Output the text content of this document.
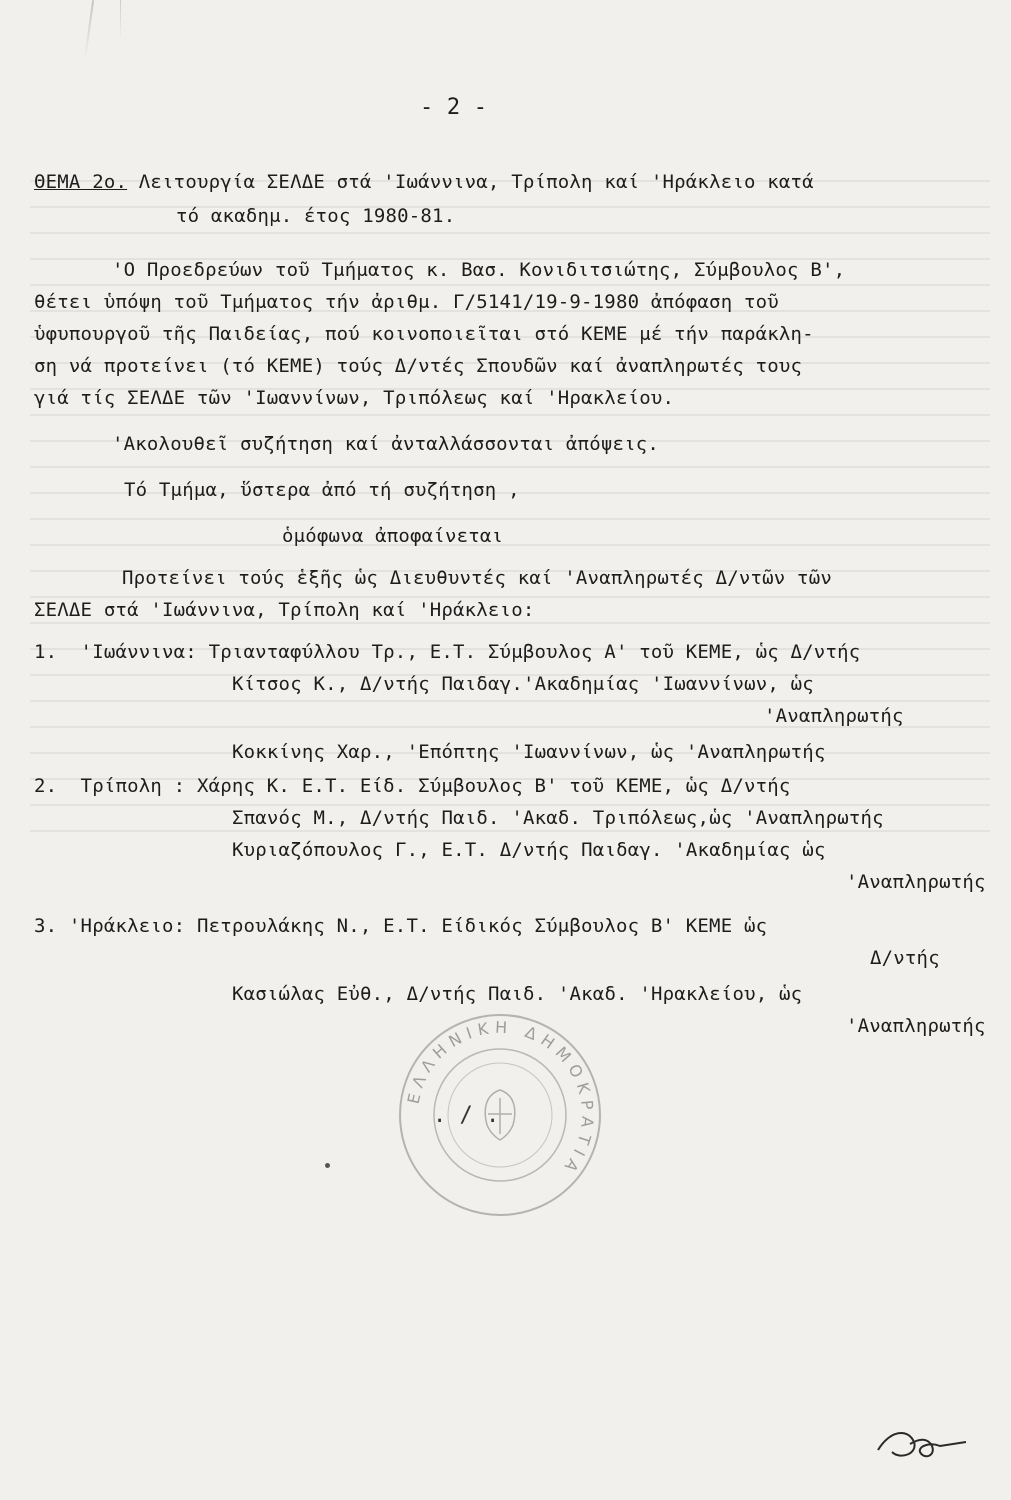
- 2 -
ΘΕΜΑ 2ο. Λειτουργία ΣΕΛΔΕ στά 'Ιωάννινα, Τρίπολη καί 'Ηράκλειο κατά
τό ακαδημ. έτος 1980-81.
'Ο Προεδρεύων τοῦ Τμήματος κ. Βασ. Κονιδιτσιώτης, Σύμβουλος Β',
θέτει ὑπόψη τοῦ Τμήματος τήν ἀριθμ. Γ/5141/19-9-1980 ἀπόφαση τοῦ
ὑφυπουργοῦ τῆς Παιδείας, πού κοινοποιεῖται στό ΚΕΜΕ μέ τήν παράκλη-
ση νά προτείνει (τό ΚΕΜΕ) τούς Δ/ντές Σπουδῶν καί ἀναπληρωτές τους
γιά τίς ΣΕΛΔΕ τῶν 'Ιωαννίνων, Τριπόλεως καί 'Ηρακλείου.
'Ακολουθεῖ συζήτηση καί ἀνταλλάσσονται ἀπόψεις.
Τό Τμήμα, ὕστερα ἀπό τή συζήτηση ,
ὁμόφωνα ἀποφαίνεται
Προτείνει τούς ἑξῆς ὡς Διευθυντές καί 'Αναπληρωτές Δ/ντῶν τῶν
ΣΕΛΔΕ στά 'Ιωάννινα, Τρίπολη καί 'Ηράκλειο:
1.  'Ιωάννινα: Τριανταφύλλου Τρ., Ε.Τ. Σύμβουλος Α' τοῦ ΚΕΜΕ, ὡς Δ/ντής
Κίτσος Κ., Δ/ντής Παιδαγ.'Ακαδημίας 'Ιωαννίνων, ὡς
'Αναπληρωτής
Κοκκίνης Χαρ., 'Επόπτης 'Ιωαννίνων, ὡς 'Αναπληρωτής
2.  Τρίπολη : Χάρης Κ. Ε.Τ. Είδ. Σύμβουλος Β' τοῦ ΚΕΜΕ, ὡς Δ/ντής
Σπανός Μ., Δ/ντής Παιδ. 'Ακαδ. Τριπόλεως,ὡς 'Αναπληρωτής
Κυριαζόπουλος Γ., Ε.Τ. Δ/ντής Παιδαγ. 'Ακαδημίας ὡς
'Αναπληρωτής
3. 'Ηράκλειο: Πετρουλάκης Ν., Ε.Τ. Είδικός Σύμβουλος Β' ΚΕΜΕ ὡς
Δ/ντής
Κασιώλας Εὐθ., Δ/ντής Παιδ. 'Ακαδ. 'Ηρακλείου, ὡς
'Αναπληρωτής
ΕΛΛΗΝΙΚΗ ΔΗΜΟΚΡΑΤΙΑ
. / .
Αε
